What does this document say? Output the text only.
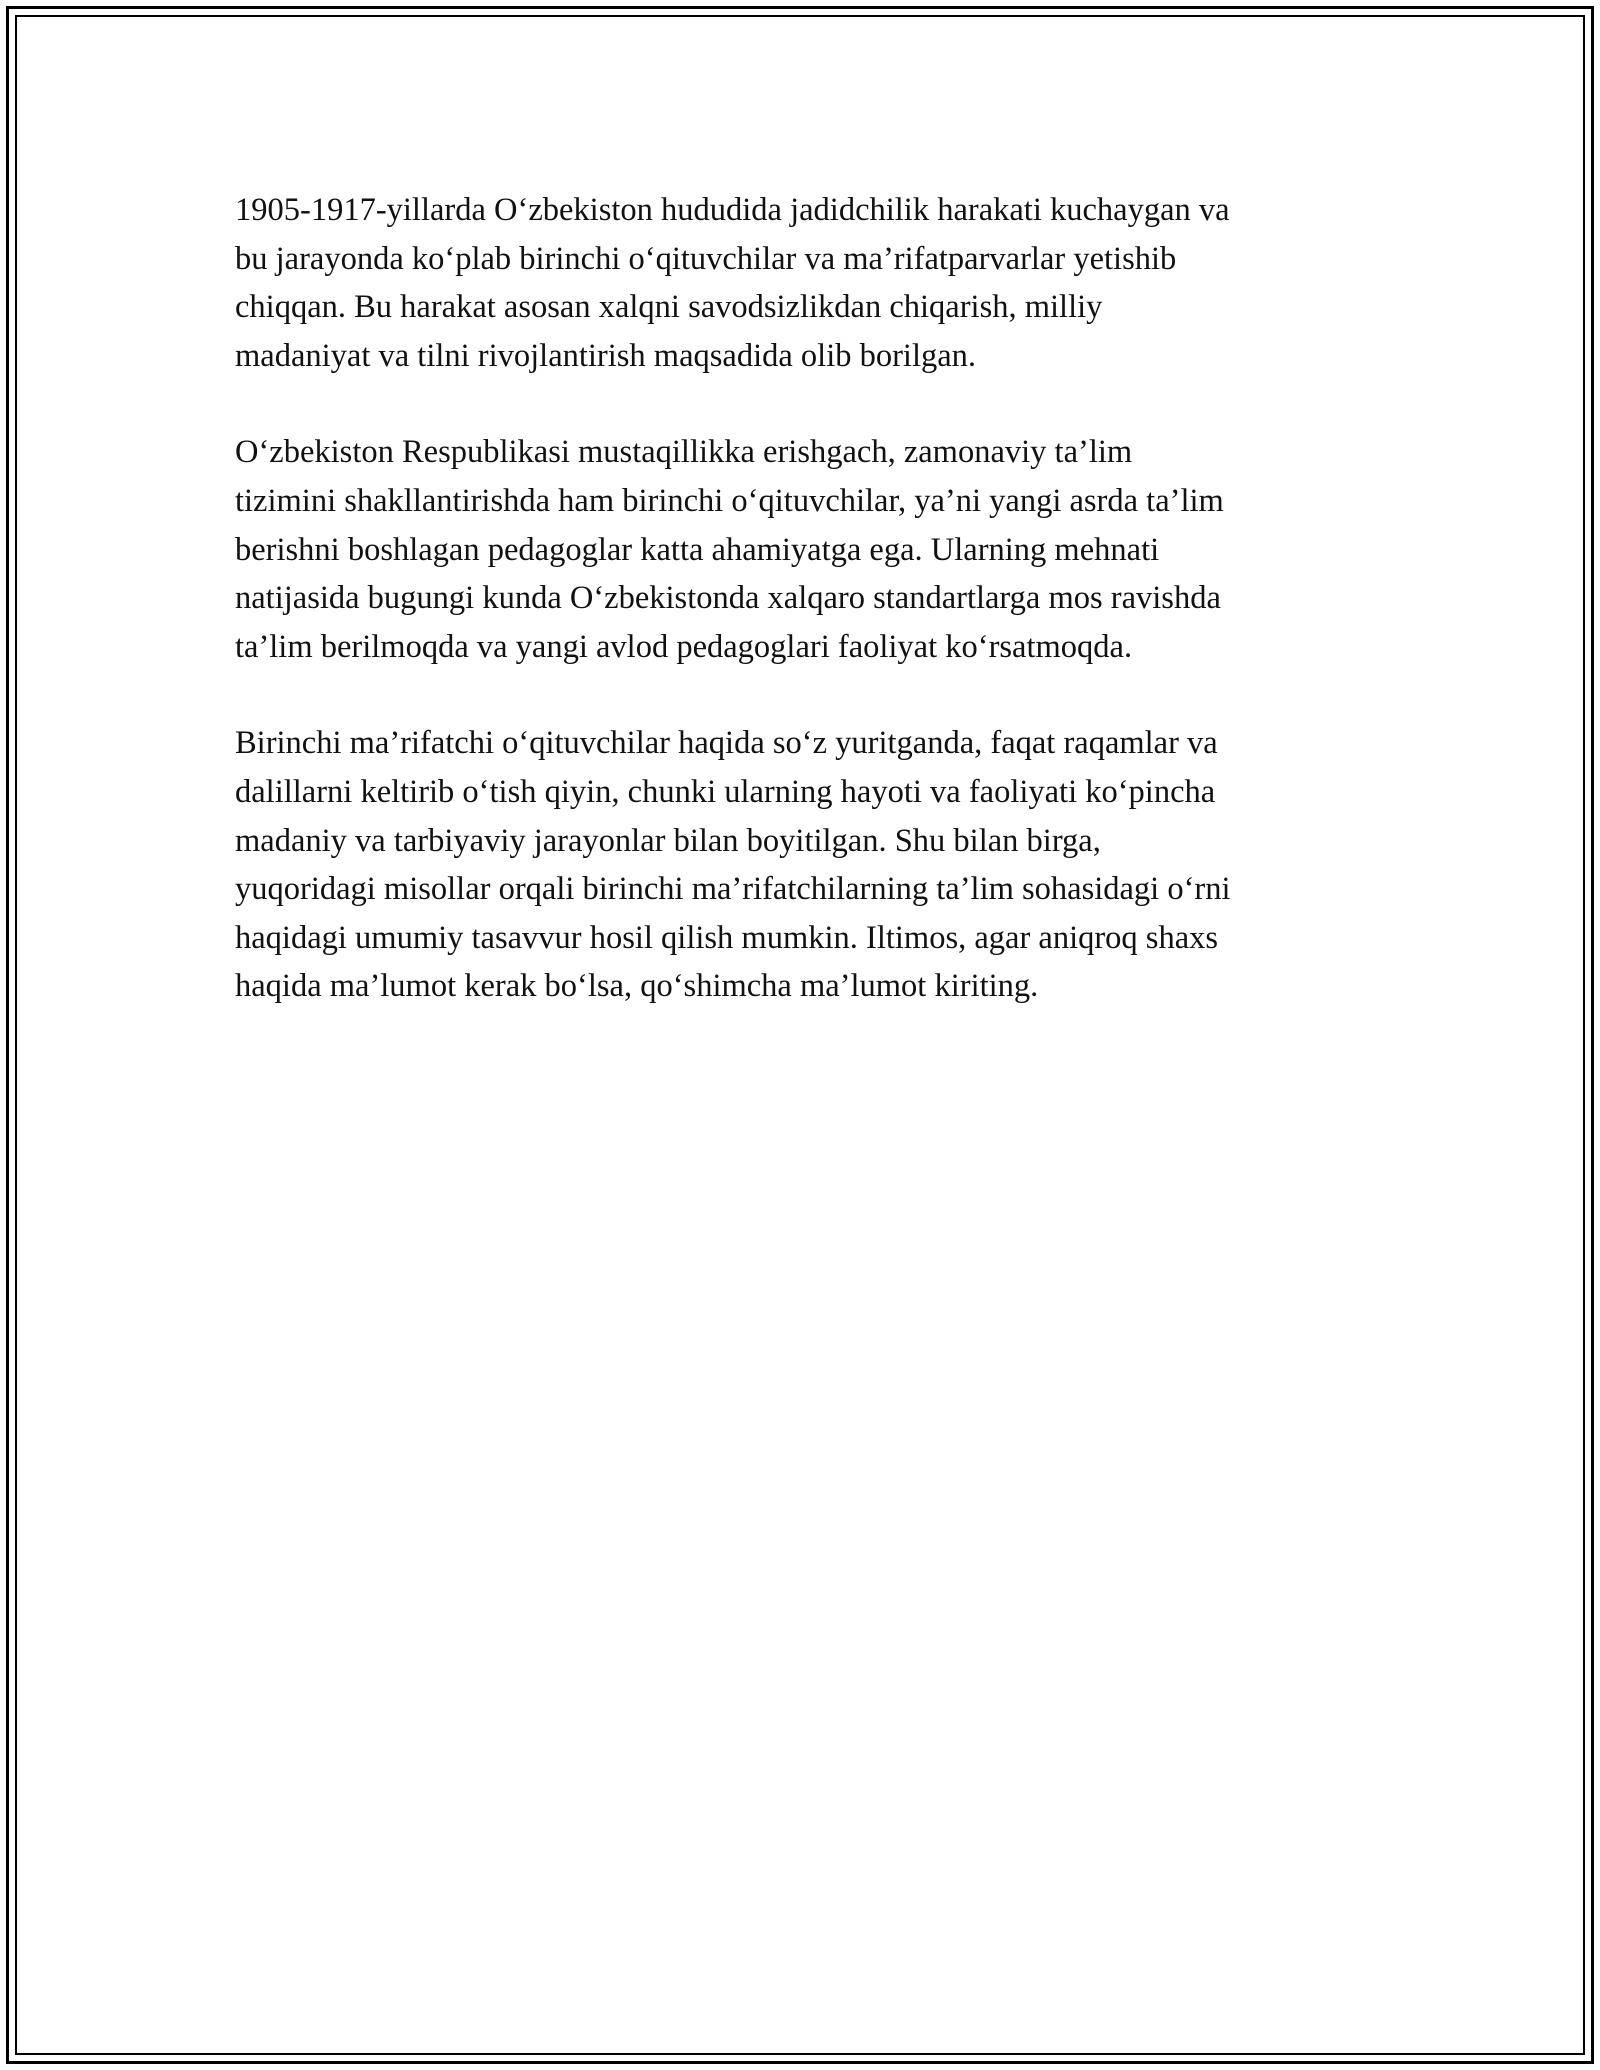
1905-1917-yillarda O‘zbekiston hududida jadidchilik harakati kuchaygan va
bu jarayonda ko‘plab birinchi o‘qituvchilar va ma’rifatparvarlar yetishib
chiqqan. Bu harakat asosan xalqni savodsizlikdan chiqarish, milliy
madaniyat va tilni rivojlantirish maqsadida olib borilgan.

O‘zbekiston Respublikasi mustaqillikka erishgach, zamonaviy ta’lim
tizimini shakllantirishda ham birinchi o‘qituvchilar, ya’ni yangi asrda ta’lim
berishni boshlagan pedagoglar katta ahamiyatga ega. Ularning mehnati
natijasida bugungi kunda O‘zbekistonda xalqaro standartlarga mos ravishda
ta’lim berilmoqda va yangi avlod pedagoglari faoliyat ko‘rsatmoqda.

Birinchi ma’rifatchi o‘qituvchilar haqida so‘z yuritganda, faqat raqamlar va
dalillarni keltirib o‘tish qiyin, chunki ularning hayoti va faoliyati ko‘pincha
madaniy va tarbiyaviy jarayonlar bilan boyitilgan. Shu bilan birga,
yuqoridagi misollar orqali birinchi ma’rifatchilarning ta’lim sohasidagi o‘rni
haqidagi umumiy tasavvur hosil qilish mumkin. Iltimos, agar aniqroq shaxs
haqida ma’lumot kerak bo‘lsa, qo‘shimcha ma’lumot kiriting.
